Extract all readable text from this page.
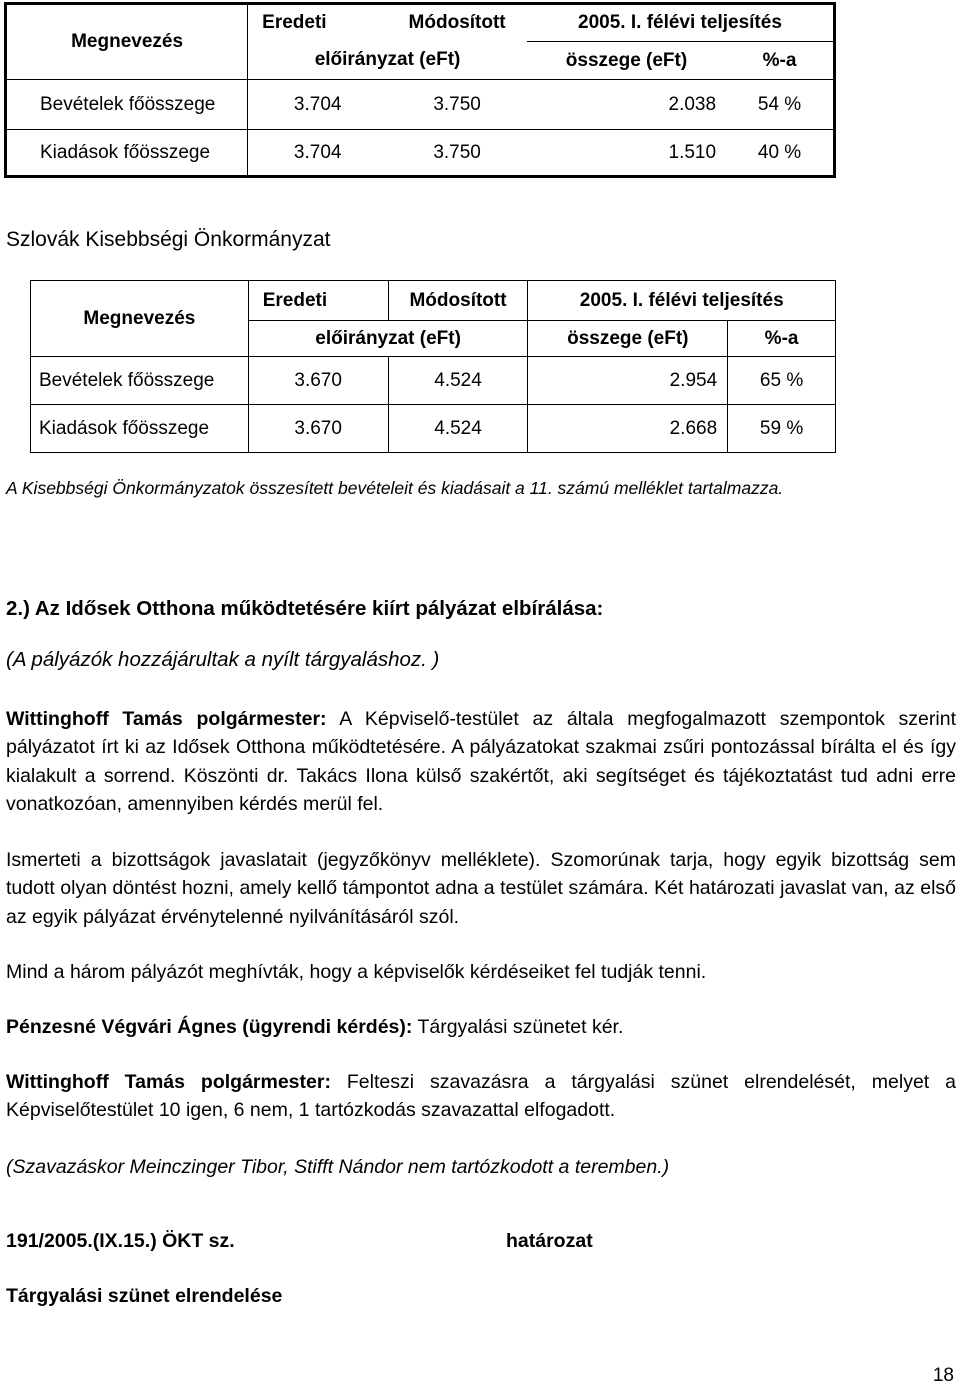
Megnevezés	Eredeti	Módosított	2005. I. félévi teljesítés	
	előirányzat (eFt)		összege (eFt)	%-a
Bevételek főösszege	3.704	3.750	2.038	54 %
Kiadások főösszege	3.704	3.750	1.510	40 %

Szlovák Kisebbségi Önkormányzat

Megnevezés	Eredeti	Módosított	2005. I. félévi teljesítés	
	előirányzat (eFt)		összege (eFt)	%-a
Bevételek főösszege	3.670	4.524	2.954	65 %
Kiadások főösszege	3.670	4.524	2.668	59 %

A Kisebbségi Önkormányzatok összesített bevételeit és kiadásait a 11. számú melléklet tartalmazza.

2.) Az Idősek Otthona működtetésére kiírt pályázat elbírálása:

(A pályázók hozzájárultak a nyílt tárgyaláshoz. )

Wittinghoff Tamás polgármester: A Képviselő-testület az általa megfogalmazott szempontok szerint pályázatot írt ki az Idősek Otthona működtetésére. A pályázatokat szakmai zsűri pontozással bírálta el és így kialakult a sorrend. Köszönti dr. Takács Ilona külső szakértőt, aki segítséget és tájékoztatást tud adni erre vonatkozóan, amennyiben kérdés merül fel.

Ismerteti a bizottságok javaslatait (jegyzőkönyv melléklete). Szomorúnak tarja, hogy egyik bizottság sem tudott olyan döntést hozni, amely kellő támpontot adna a testület számára. Két határozati javaslat van, az első az egyik pályázat érvénytelenné nyilvánításáról szól.

Mind a három pályázót meghívták, hogy a képviselők kérdéseiket fel tudják tenni.

Pénzesné Végvári Ágnes (ügyrendi kérdés): Tárgyalási szünetet kér.

Wittinghoff Tamás polgármester: Felteszi szavazásra a tárgyalási szünet elrendelését, melyet a Képviselőtestület 10 igen, 6 nem, 1 tartózkodás szavazattal elfogadott.

(Szavazáskor Meinczinger Tibor, Stifft Nándor nem tartózkodott a teremben.)

191/2005.(IX.15.) ÖKT sz.	határozat

Tárgyalási szünet elrendelése

18
